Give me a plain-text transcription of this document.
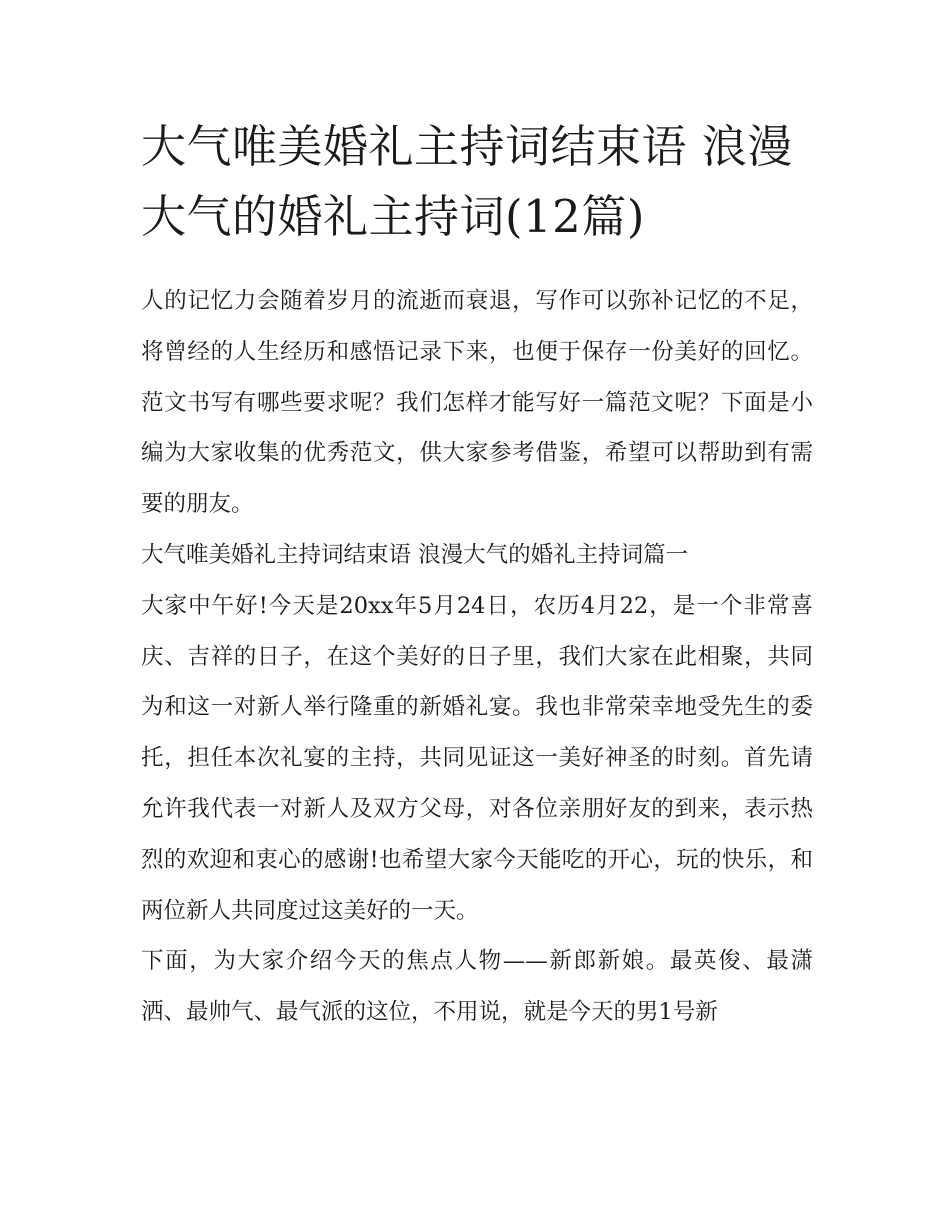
大气唯美婚礼主持词结束语 浪漫大气的婚礼主持词(12篇)

人的记忆力会随着岁月的流逝而衰退，写作可以弥补记忆的不足，将曾经的人生经历和感悟记录下来，也便于保存一份美好的回忆。范文书写有哪些要求呢？我们怎样才能写好一篇范文呢？下面是小编为大家收集的优秀范文，供大家参考借鉴，希望可以帮助到有需要的朋友。

大气唯美婚礼主持词结束语 浪漫大气的婚礼主持词篇一

大家中午好!今天是20xx年5月24日，农历4月22，是一个非常喜庆、吉祥的日子，在这个美好的日子里，我们大家在此相聚，共同为和这一对新人举行隆重的新婚礼宴。我也非常荣幸地受先生的委托，担任本次礼宴的主持，共同见证这一美好神圣的时刻。首先请允许我代表一对新人及双方父母，对各位亲朋好友的到来，表示热烈的欢迎和衷心的感谢!也希望大家今天能吃的开心，玩的快乐，和两位新人共同度过这美好的一天。

下面，为大家介绍今天的焦点人物——新郎新娘。最英俊、最潇洒、最帅气、最气派的这位，不用说，就是今天的男1号新
